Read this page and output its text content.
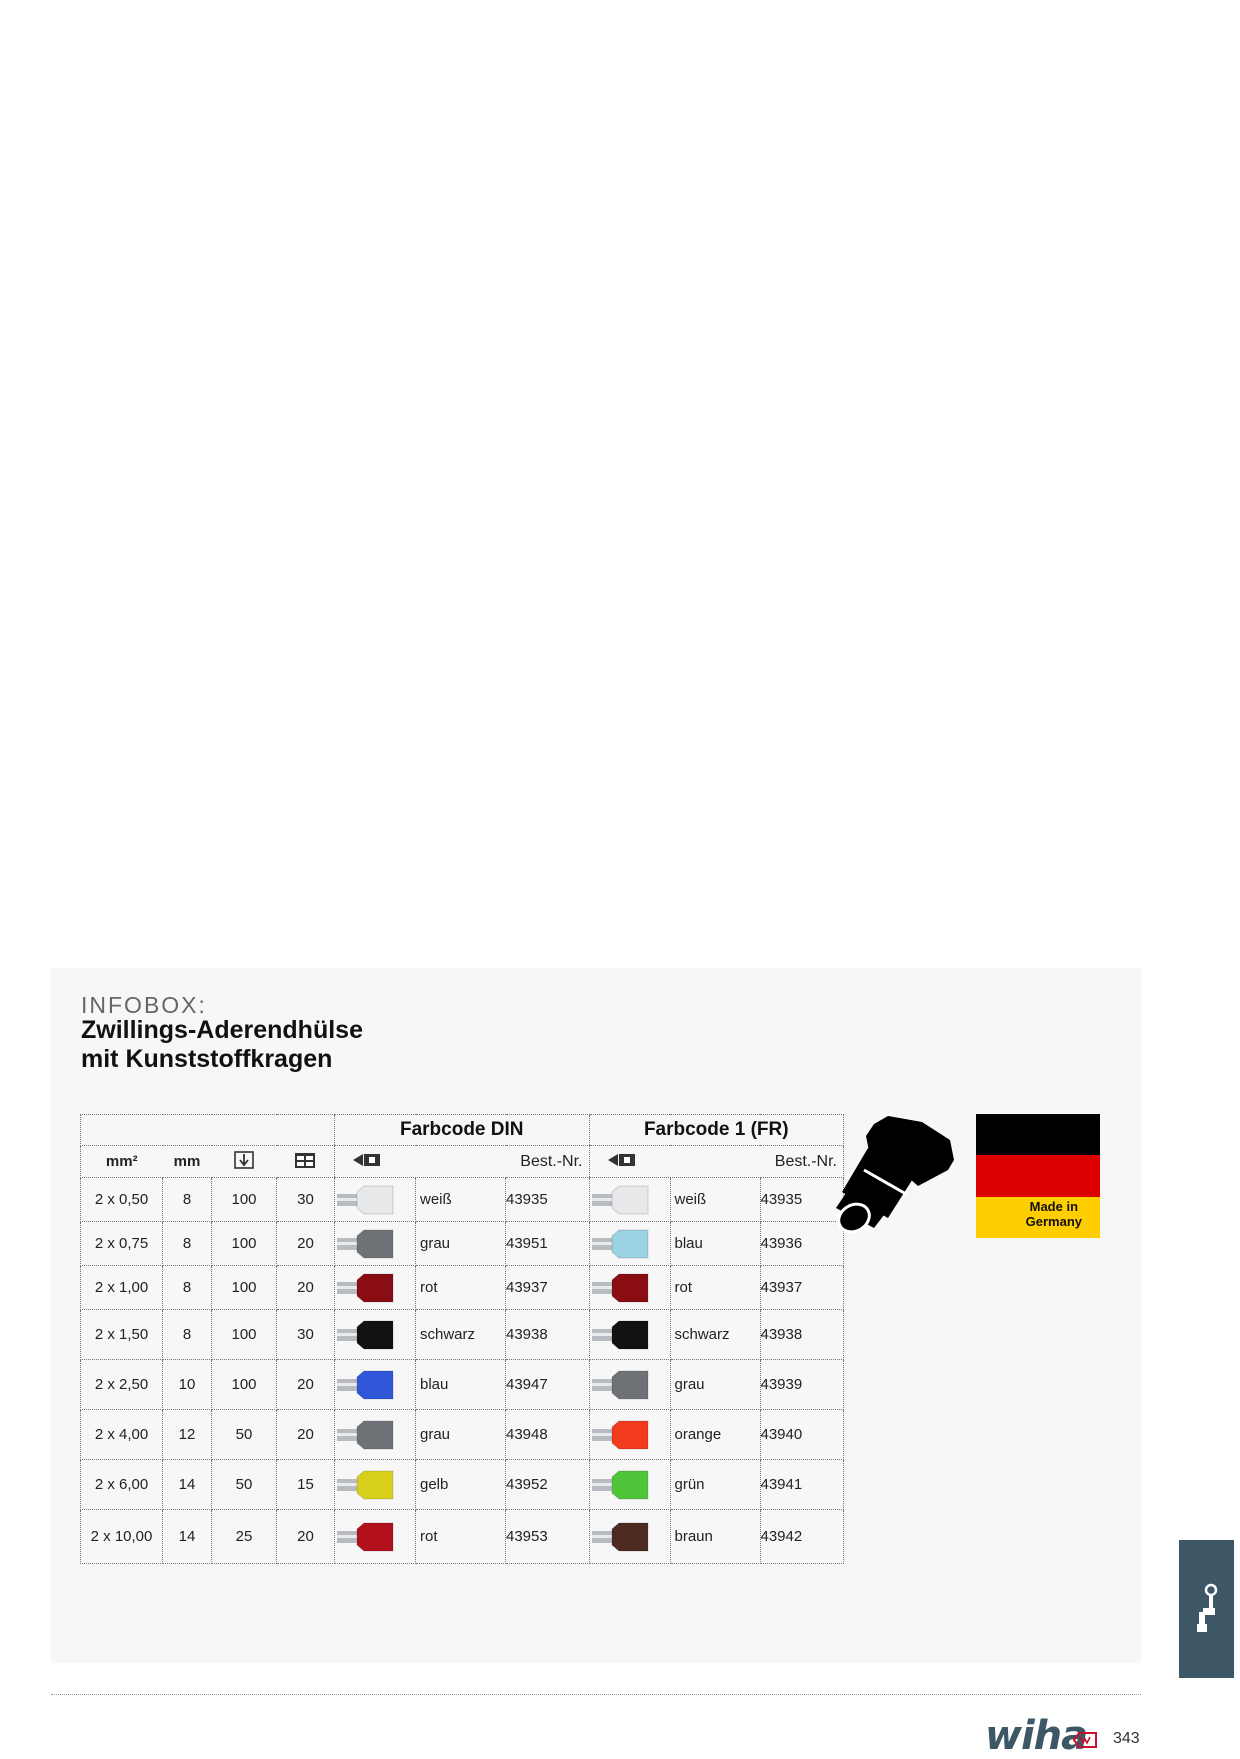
INFOBOX:
Zwillings-Aderendhülse
mit Kunststoffkragen
				Farbcode DIN			Farbcode 1 (FR)		
mm²	mm					Best.-Nr.			Best.-Nr.
2 x 0,50	8	100	30		weiß	43935		weiß	43935
2 x 0,75	8	100	20		grau	43951		blau	43936
2 x 1,00	8	100	20		rot	43937		rot	43937
2 x 1,50	8	100	30		schwarz	43938		schwarz	43938
2 x 2,50	10	100	20		blau	43947		grau	43939
2 x 4,00	12	50	20		grau	43948		orange	43940
2 x 6,00	14	50	15		gelb	43952		grün	43941
2 x 10,00	14	25	20		rot	43953		braun	43942
Made in
Germany
wiha 343
